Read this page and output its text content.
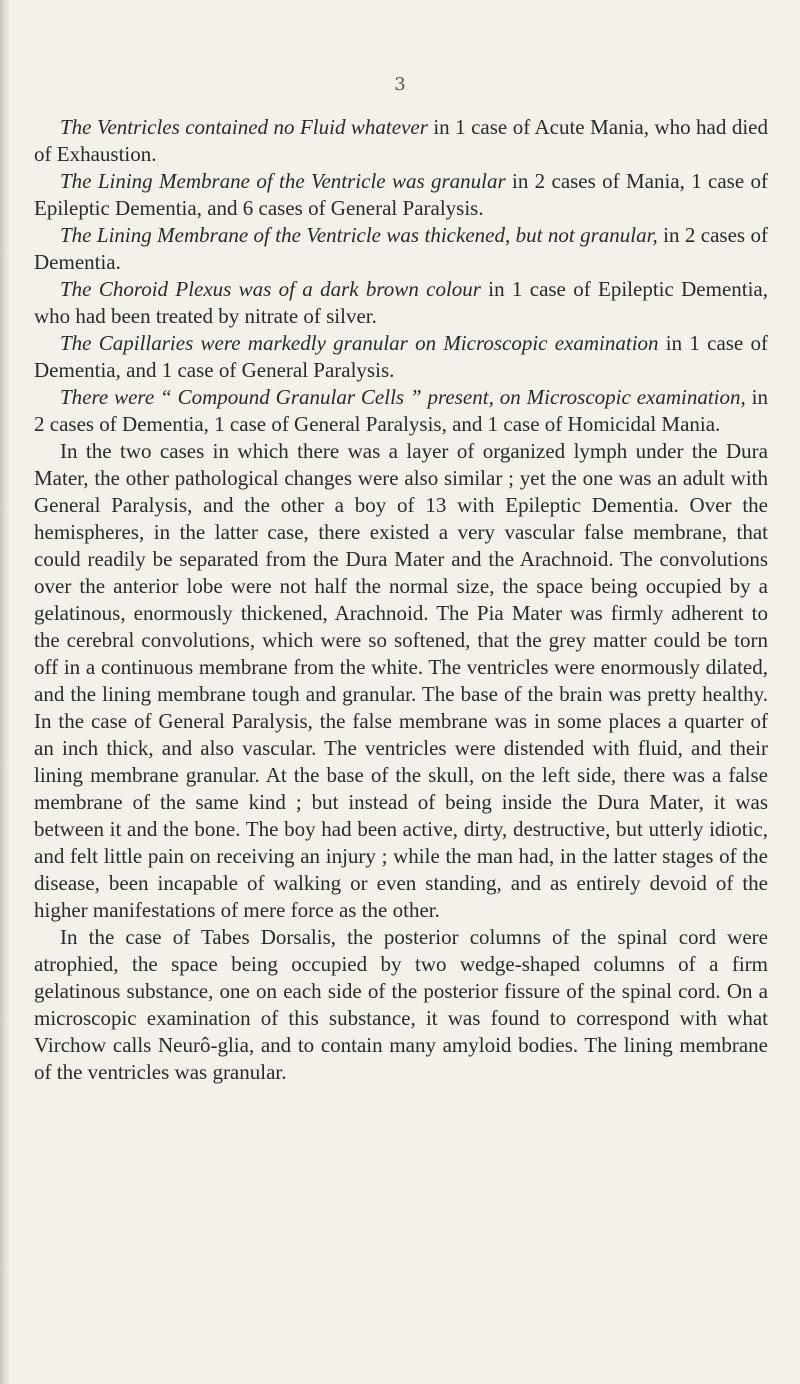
3

The Ventricles contained no Fluid whatever in 1 case of Acute Mania, who had died of Exhaustion.

The Lining Membrane of the Ventricle was granular in 2 cases of Mania, 1 case of Epileptic Dementia, and 6 cases of General Paralysis.

The Lining Membrane of the Ventricle was thickened, but not granular, in 2 cases of Dementia.

The Choroid Plexus was of a dark brown colour in 1 case of Epileptic Dementia, who had been treated by nitrate of silver.

The Capillaries were markedly granular on Microscopic examination in 1 case of Dementia, and 1 case of General Paralysis.

There were “ Compound Granular Cells ” present, on Microscopic examination, in 2 cases of Dementia, 1 case of General Paralysis, and 1 case of Homicidal Mania.

In the two cases in which there was a layer of organized lymph under the Dura Mater, the other pathological changes were also similar ; yet the one was an adult with General Paralysis, and the other a boy of 13 with Epileptic Dementia. Over the hemispheres, in the latter case, there existed a very vascular false membrane, that could readily be separated from the Dura Mater and the Arachnoid. The convolutions over the anterior lobe were not half the normal size, the space being occupied by a gelatinous, enormously thickened, Arachnoid. The Pia Mater was firmly adherent to the cerebral convolutions, which were so softened, that the grey matter could be torn off in a continuous membrane from the white. The ventricles were enormously dilated, and the lining membrane tough and granular. The base of the brain was pretty healthy. In the case of General Paralysis, the false membrane was in some places a quarter of an inch thick, and also vascular. The ventricles were distended with fluid, and their lining membrane granular. At the base of the skull, on the left side, there was a false membrane of the same kind ; but instead of being inside the Dura Mater, it was between it and the bone. The boy had been active, dirty, destructive, but utterly idiotic, and felt little pain on receiving an injury ; while the man had, in the latter stages of the disease, been incapable of walking or even standing, and as entirely devoid of the higher manifestations of mere force as the other.

In the case of Tabes Dorsalis, the posterior columns of the spinal cord were atrophied, the space being occupied by two wedge-shaped columns of a firm gelatinous substance, one on each side of the posterior fissure of the spinal cord. On a microscopic examination of this substance, it was found to correspond with what Virchow calls Neurô-glia, and to contain many amyloid bodies. The lining membrane of the ventricles was granular.
